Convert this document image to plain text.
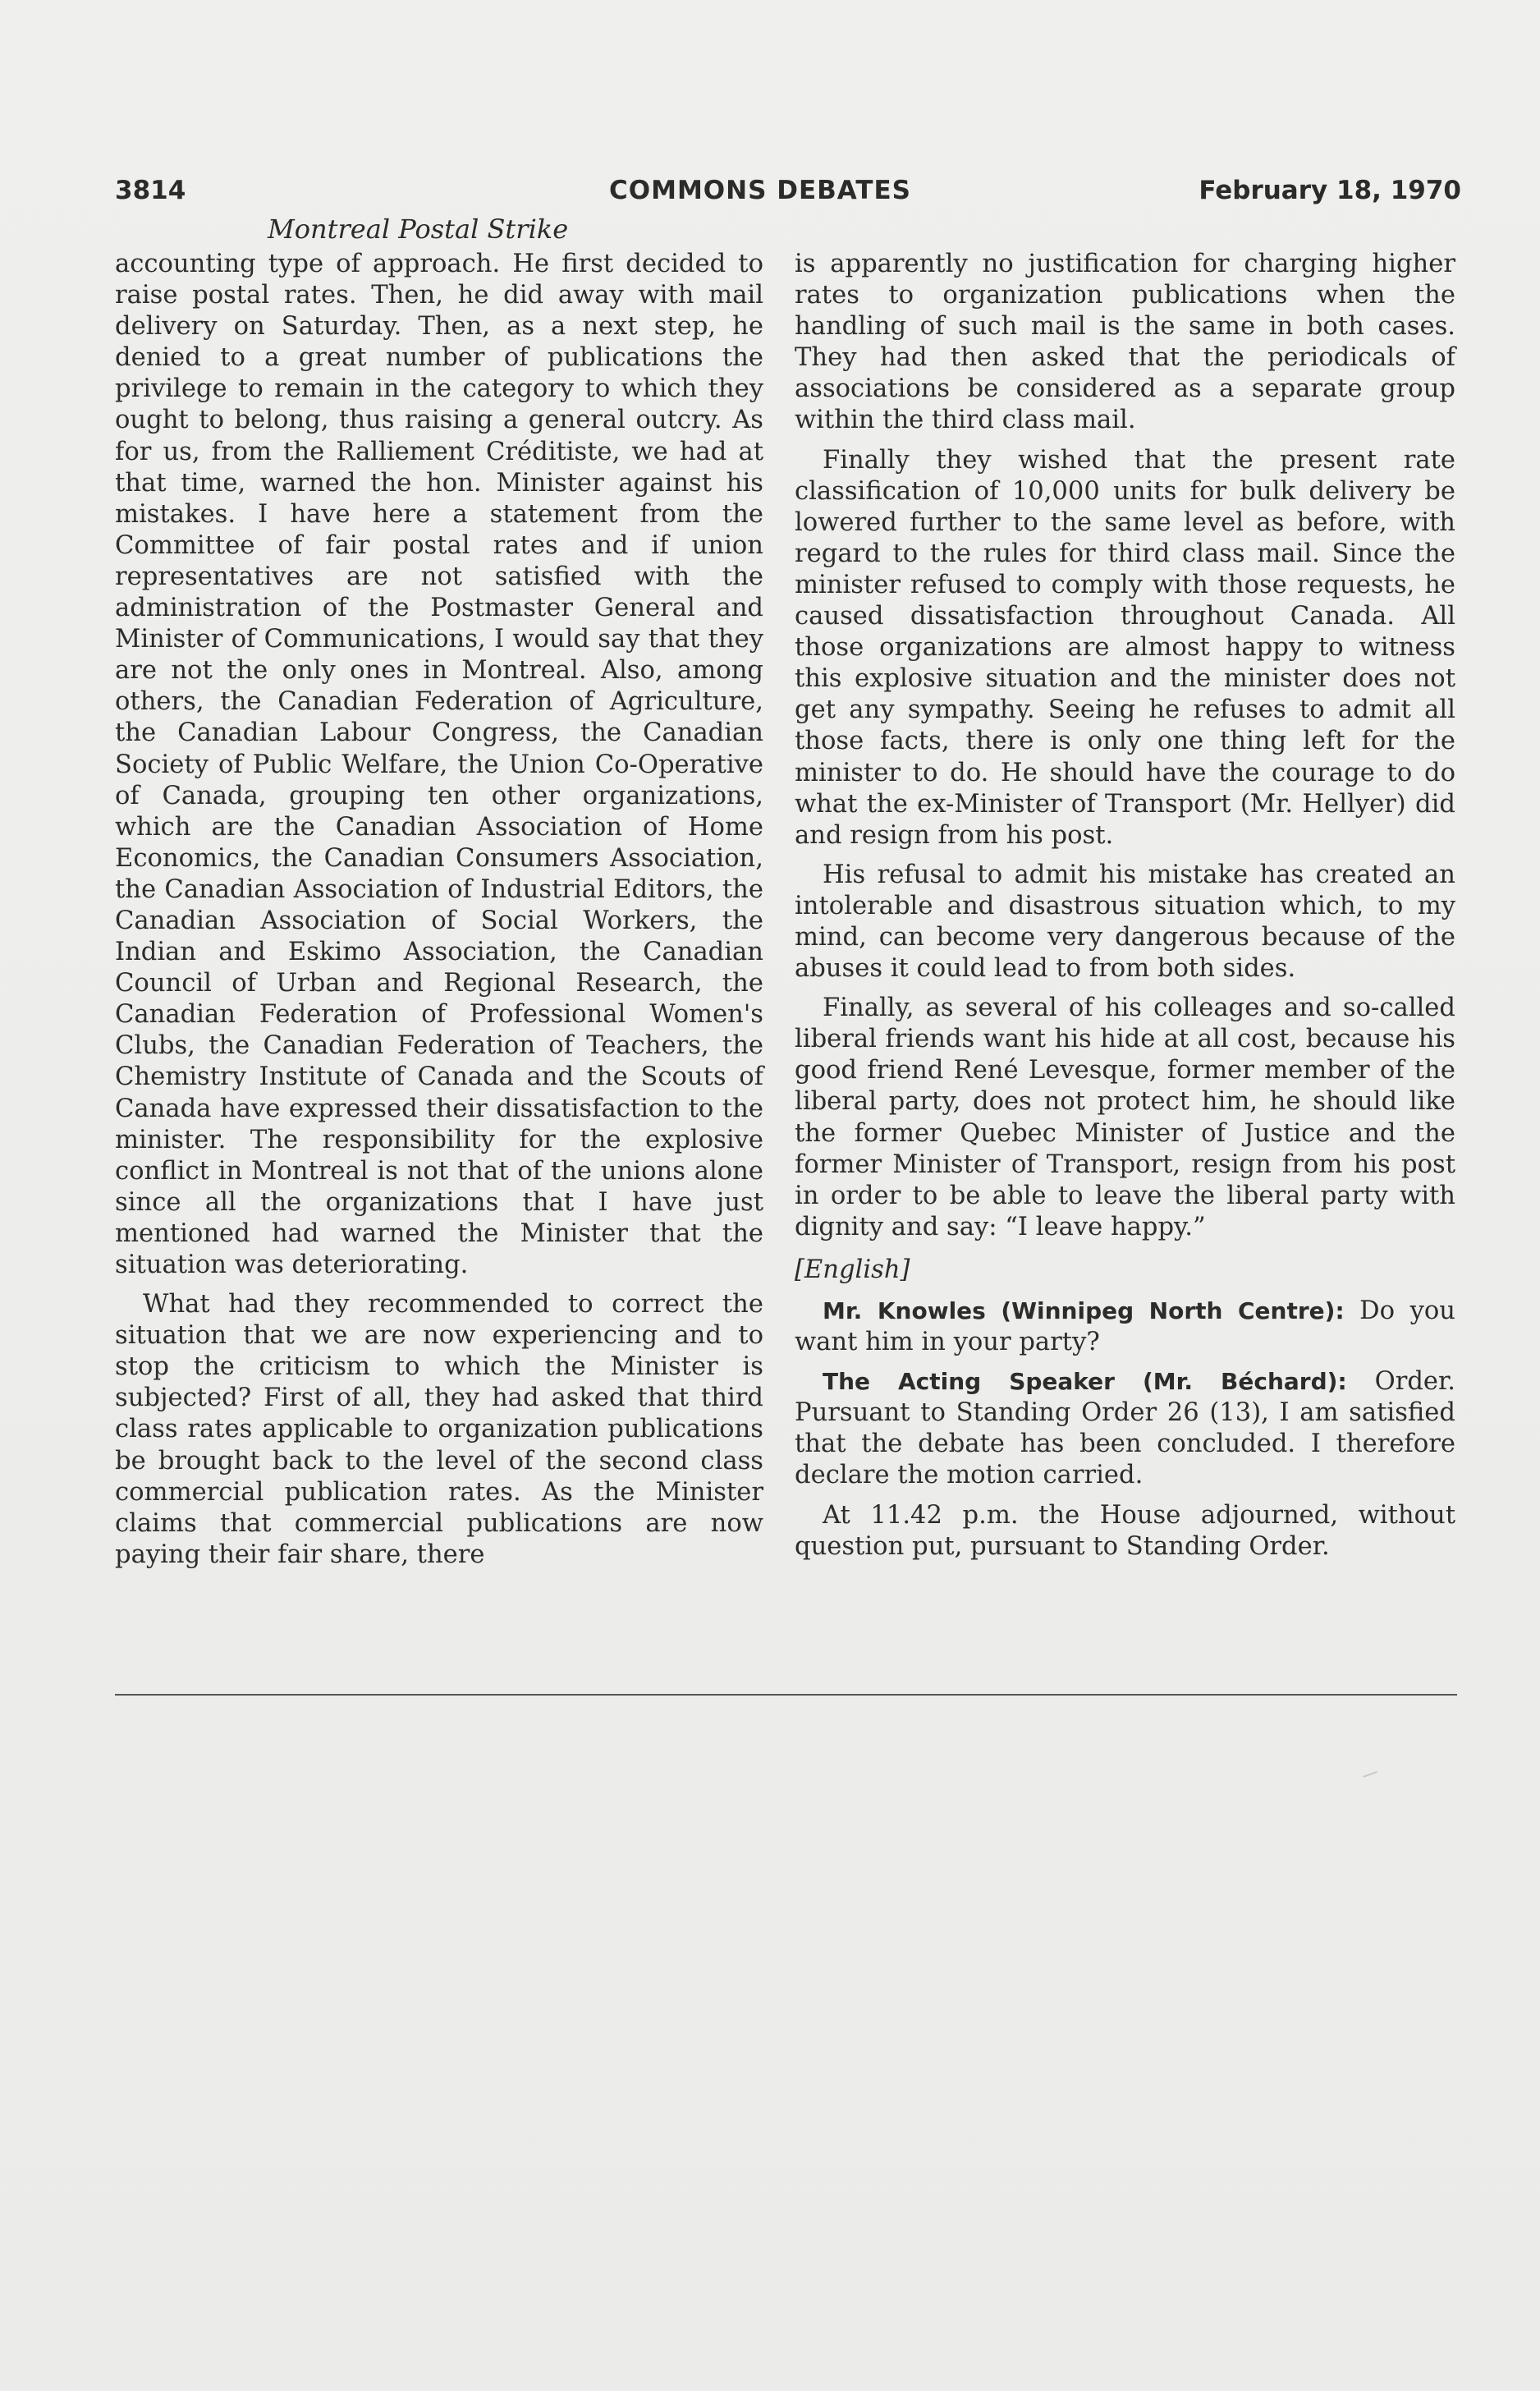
3814	COMMONS DEBATES	February 18, 1970
Montreal Postal Strike

accounting type of approach. He first decided to raise postal rates. Then, he did away with mail delivery on Saturday. Then, as a next step, he denied to a great number of publications the privilege to remain in the category to which they ought to belong, thus raising a general outcry. As for us, from the Ralliement Créditiste, we had at that time, warned the hon. Minister against his mistakes. I have here a statement from the Committee of fair postal rates and if union representatives are not satisfied with the administration of the Postmaster General and Minister of Communications, I would say that they are not the only ones in Montreal. Also, among others, the Canadian Federation of Agriculture, the Canadian Labour Congress, the Canadian Society of Public Welfare, the Union Co-Operative of Canada, grouping ten other organizations, which are the Canadian Association of Home Economics, the Canadian Consumers Association, the Canadian Association of Industrial Editors, the Canadian Association of Social Workers, the Indian and Eskimo Association, the Canadian Council of Urban and Regional Research, the Canadian Federation of Professional Women's Clubs, the Canadian Federation of Teachers, the Chemistry Institute of Canada and the Scouts of Canada have expressed their dissatisfaction to the minister. The responsibility for the explosive conflict in Montreal is not that of the unions alone since all the organizations that I have just mentioned had warned the Minister that the situation was deteriorating.

What had they recommended to correct the situation that we are now experiencing and to stop the criticism to which the Minister is subjected? First of all, they had asked that third class rates applicable to organization publications be brought back to the level of the second class commercial publication rates. As the Minister claims that commercial publications are now paying their fair share, there

is apparently no justification for charging higher rates to organization publications when the handling of such mail is the same in both cases. They had then asked that the periodicals of associations be considered as a separate group within the third class mail.

Finally they wished that the present rate classification of 10,000 units for bulk delivery be lowered further to the same level as before, with regard to the rules for third class mail. Since the minister refused to comply with those requests, he caused dissatisfaction throughout Canada. All those organizations are almost happy to witness this explosive situation and the minister does not get any sympathy. Seeing he refuses to admit all those facts, there is only one thing left for the minister to do. He should have the courage to do what the ex-Minister of Transport (Mr. Hellyer) did and resign from his post.

His refusal to admit his mistake has created an intolerable and disastrous situation which, to my mind, can become very dangerous because of the abuses it could lead to from both sides.

Finally, as several of his colleages and so-called liberal friends want his hide at all cost, because his good friend René Levesque, former member of the liberal party, does not protect him, he should like the former Quebec Minister of Justice and the former Minister of Transport, resign from his post in order to be able to leave the liberal party with dignity and say: “I leave happy.”

[English]

Mr. Knowles (Winnipeg North Centre): Do you want him in your party?

The Acting Speaker (Mr. Béchard): Order. Pursuant to Standing Order 26 (13), I am satisfied that the debate has been concluded. I therefore declare the motion carried.

At 11.42 p.m. the House adjourned, without question put, pursuant to Standing Order.
